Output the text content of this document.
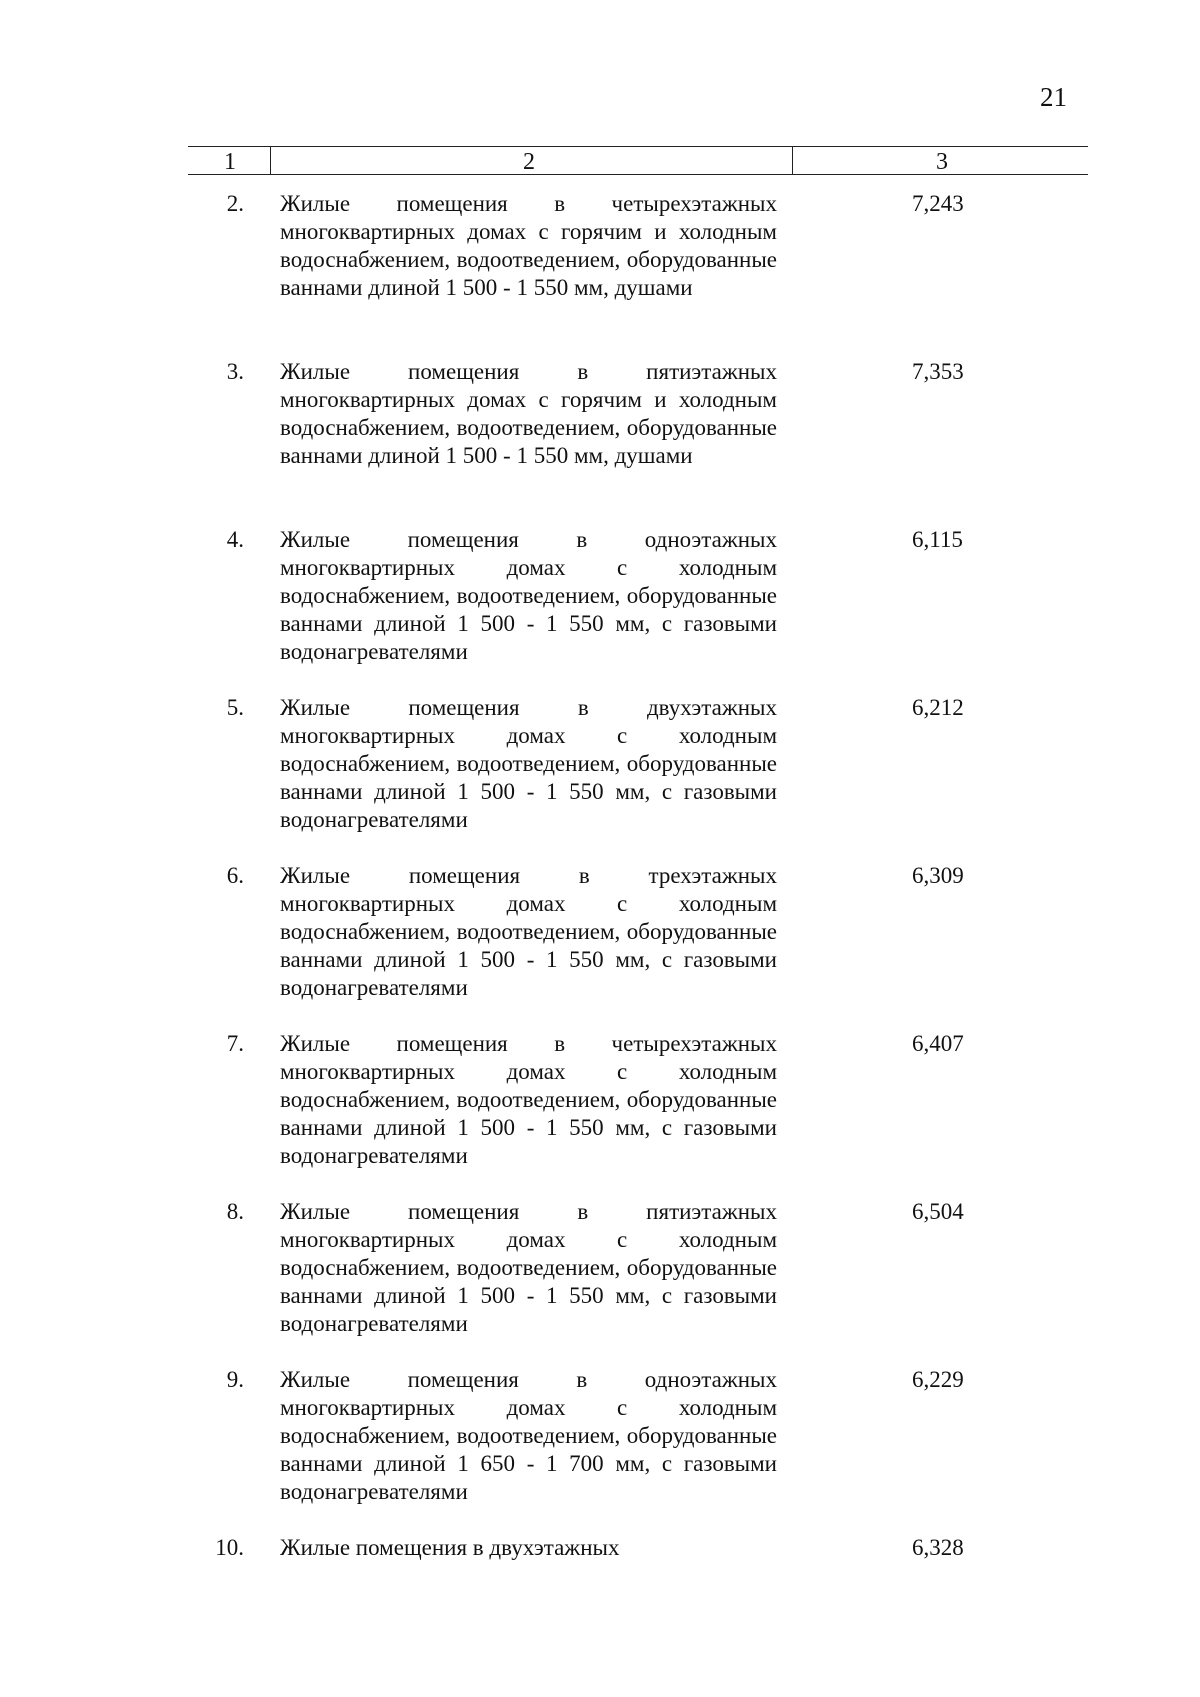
21
1	2	3
2. Жилые помещения в четырехэтажных многоквартирных домах с горячим и холодным водоснабжением, водоотведением, оборудованные ваннами длиной 1 500 - 1 550 мм, душами
7,243
3. Жилые помещения в пятиэтажных многоквартирных домах с горячим и холодным водоснабжением, водоотведением, оборудованные ваннами длиной 1 500 - 1 550 мм, душами
7,353
4. Жилые помещения в одноэтажных многоквартирных домах с холодным водоснабжением, водоотведением, оборудованные ваннами длиной 1 500 - 1 550 мм, с газовыми водонагревателями
6,115
5. Жилые помещения в двухэтажных многоквартирных домах с холодным водоснабжением, водоотведением, оборудованные ваннами длиной 1 500 - 1 550 мм, с газовыми водонагревателями
6,212
6. Жилые помещения в трехэтажных многоквартирных домах с холодным водоснабжением, водоотведением, оборудованные ваннами длиной 1 500 - 1 550 мм, с газовыми водонагревателями
6,309
7. Жилые помещения в четырехэтажных многоквартирных домах с холодным водоснабжением, водоотведением, оборудованные ваннами длиной 1 500 - 1 550 мм, с газовыми водонагревателями
6,407
8. Жилые помещения в пятиэтажных многоквартирных домах с холодным водоснабжением, водоотведением, оборудованные ваннами длиной 1 500 - 1 550 мм, с газовыми водонагревателями
6,504
9. Жилые помещения в одноэтажных многоквартирных домах с холодным водоснабжением, водоотведением, оборудованные ваннами длиной 1 650 - 1 700 мм, с газовыми водонагревателями
6,229
10. Жилые помещения в двухэтажных	6,328
